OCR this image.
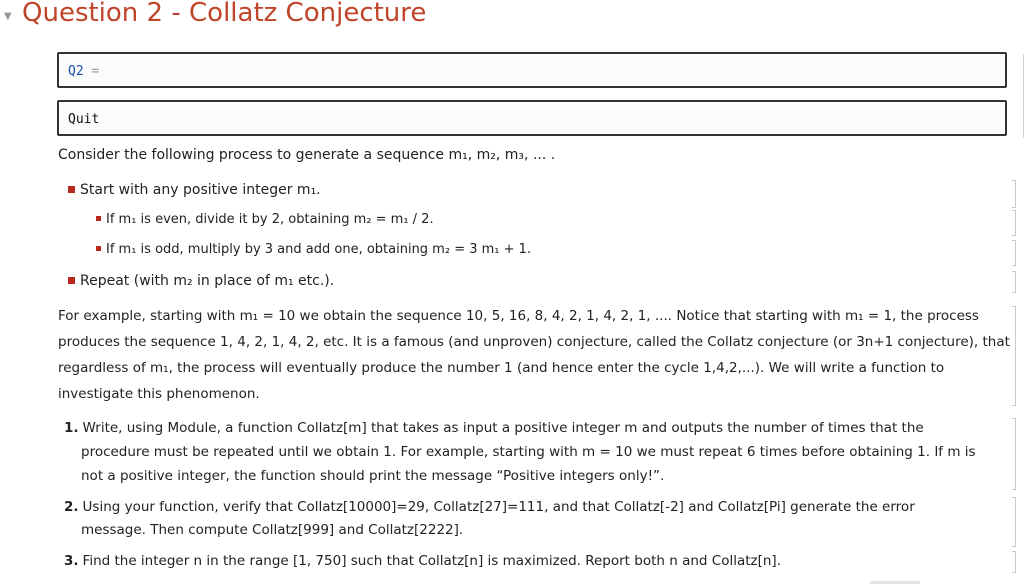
▼ Question 2 - Collatz Conjecture
Q2 =
Quit
Consider the following process to generate a sequence m₁, m₂, m₃, ... .
Start with any positive integer m₁.
If m₁ is even, divide it by 2, obtaining m₂ = m₁ / 2.
If m₁ is odd, multiply by 3 and add one, obtaining m₂ = 3 m₁ + 1.
Repeat (with m₂ in place of m₁ etc.).
For example, starting with m₁ = 10 we obtain the sequence 10, 5, 16, 8, 4, 2, 1, 4, 2, 1, .... Notice that starting with m₁ = 1, the process
produces the sequence 1, 4, 2, 1, 4, 2, etc. It is a famous (and unproven) conjecture, called the Collatz conjecture (or 3n+1 conjecture), that
regardless of m₁, the process will eventually produce the number 1 (and hence enter the cycle 1,4,2,...). We will write a function to
investigate this phenomenon.
1. Write, using Module, a function Collatz[m] that takes as input a positive integer m and outputs the number of times that the
procedure must be repeated until we obtain 1. For example, starting with m = 10 we must repeat 6 times before obtaining 1. If m is
not a positive integer, the function should print the message “Positive integers only!”.
2. Using your function, verify that Collatz[10000]=29, Collatz[27]=111, and that Collatz[-2] and Collatz[Pi] generate the error
message. Then compute Collatz[999] and Collatz[2222].
3. Find the integer n in the range [1, 750] such that Collatz[n] is maximized. Report both n and Collatz[n].
